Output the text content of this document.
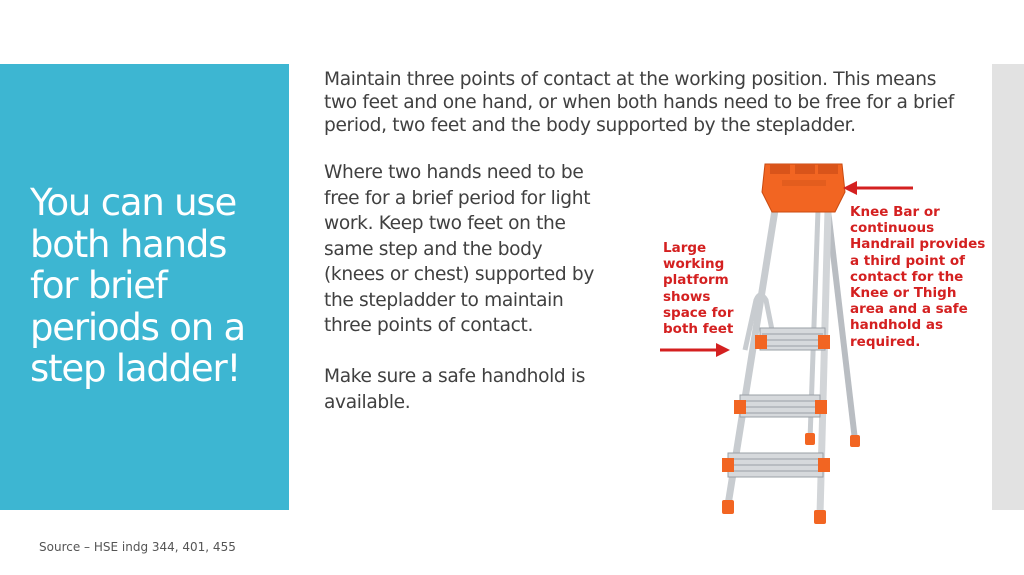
You can use both hands for brief periods on a step ladder!
Maintain three points of contact at the working position. This means two feet and one hand, or when both hands need to be free for a brief period, two feet and the body supported by the stepladder.

Where two hands need to be free for a brief period for light work. Keep two feet on the same step and the body (knees or chest) supported by the stepladder to maintain three points of contact.

Make sure a safe handhold is available.

Large working platform shows space for both feet
Knee Bar or continuous Handrail provides a third point of contact for the Knee or Thigh area and a safe handhold as required.
Source – HSE indg 344, 401, 455
